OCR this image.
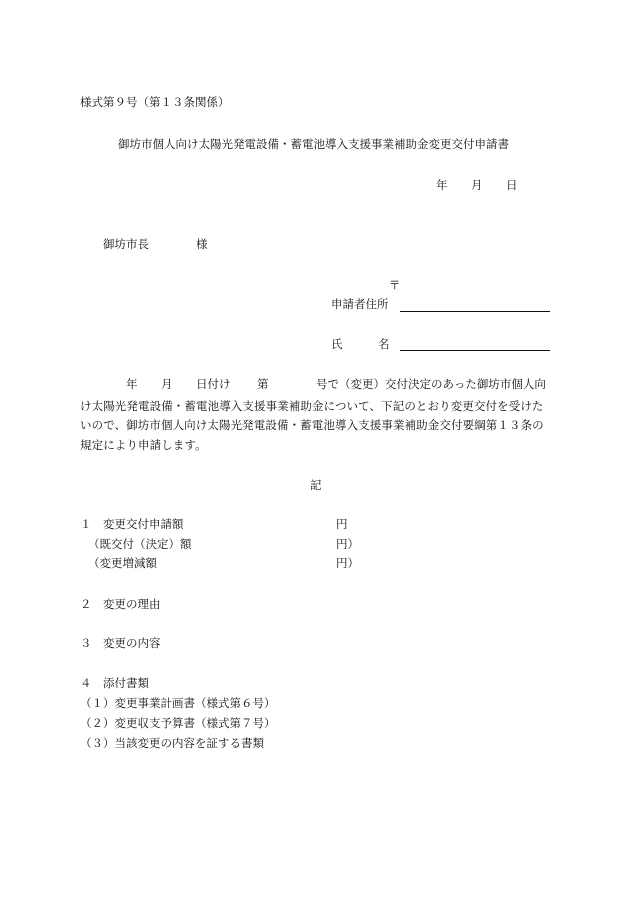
様式第９号（第１３条関係）
御坊市個人向け太陽光発電設備・蓄電池導入支援事業補助金変更交付申請書
年 月 日
御坊市長	様
〒
申請者住所
氏	名
年 月 日付け 第	号で（変更）交付決定のあった御坊市個人向
け太陽光発電設備・蓄電池導入支援事業補助金について、下記のとおり変更交付を受けた
いので、御坊市個人向け太陽光発電設備・蓄電池導入支援事業補助金交付要綱第１３条の
規定により申請します。
記
１　変更交付申請額	円
（既交付（決定）額	円）
（変更増減額	円）
２　変更の理由
３　変更の内容
４　添付書類
（１）変更事業計画書（様式第６号）
（２）変更収支予算書（様式第７号）
（３）当該変更の内容を証する書類
